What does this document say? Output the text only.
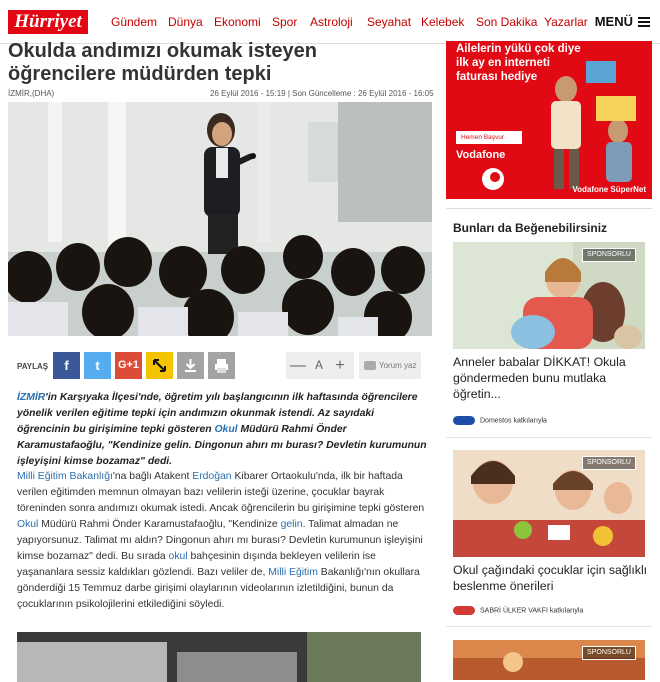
Hürriyet	Gündem Dünya Ekonomi Spor Astroloji Seyahat Kelebek Son Dakika Yazarlar MENÜ
Okulda andımızı okumak isteyen öğrencilere müdürden tepki
İZMİR,(DHA)	26 Eylül 2016 - 15:19 | Son Güncelleme : 26 Eylül 2016 - 16:05
PAYLAŞ	f	t	G+1	— A +	Yorum yaz

İZMİR'in Karşıyaka İlçesi'nde, öğretim yılı başlangıcının ilk haftasında öğrencilere yönelik verilen eğitime tepki için andımızın okunmak istendi. Az sayıdaki öğrencinin bu girişimine tepki gösteren Okul Müdürü Rahmi Önder Karamustafaoğlu, "Kendinize gelin. Dingonun ahırı mı burası? Devletin kurumunun işleyişini kimse bozamaz" dedi.

Milli Eğitim Bakanlığı'na bağlı Atakent Erdoğan Kibarer Ortaokulu'nda, ilk bir haftada verilen eğitimden memnun olmayan bazı velilerin isteği üzerine, çocuklar bayrak töreninden sonra andımızı okumak istedi. Ancak öğrencilerin bu girişimine tepki gösteren Okul Müdürü Rahmi Önder Karamustafaoğlu, "Kendinize gelin. Talimat almadan ne yapıyorsunuz. Talimat mı aldın? Dingonun ahırı mı burası? Devletin kurumunun işleyişini kimse bozamaz" dedi. Bu sırada okul bahçesinin dışında bekleyen velilerin ise yaşananlara sessiz kaldıkları gözlendi. Bazı veliler de, Milli Eğitim Bakanlığı'nın okullara gönderdiği 15 Temmuz darbe girişimi olaylarının videolarının izletildiğini, bunun da çocuklarının psikolojilerini etkilediğini söyledi.

Ailelerin yükü çok diye
ilk ay en interneti
faturası hediye
Hemen Başvur
Vodafone
Vodafone SüperNet
Bunları da Beğenebilirsiniz
SPONSORLU
Anneler babalar DİKKAT! Okula göndermeden bunu mutlaka öğretin...
Domestos katkılarıyla
SPONSORLU
Okul çağındaki çocuklar için sağlıklı beslenme önerileri
SABRİ ÜLKER VAKFI katkılarıyla
SPONSORLU
